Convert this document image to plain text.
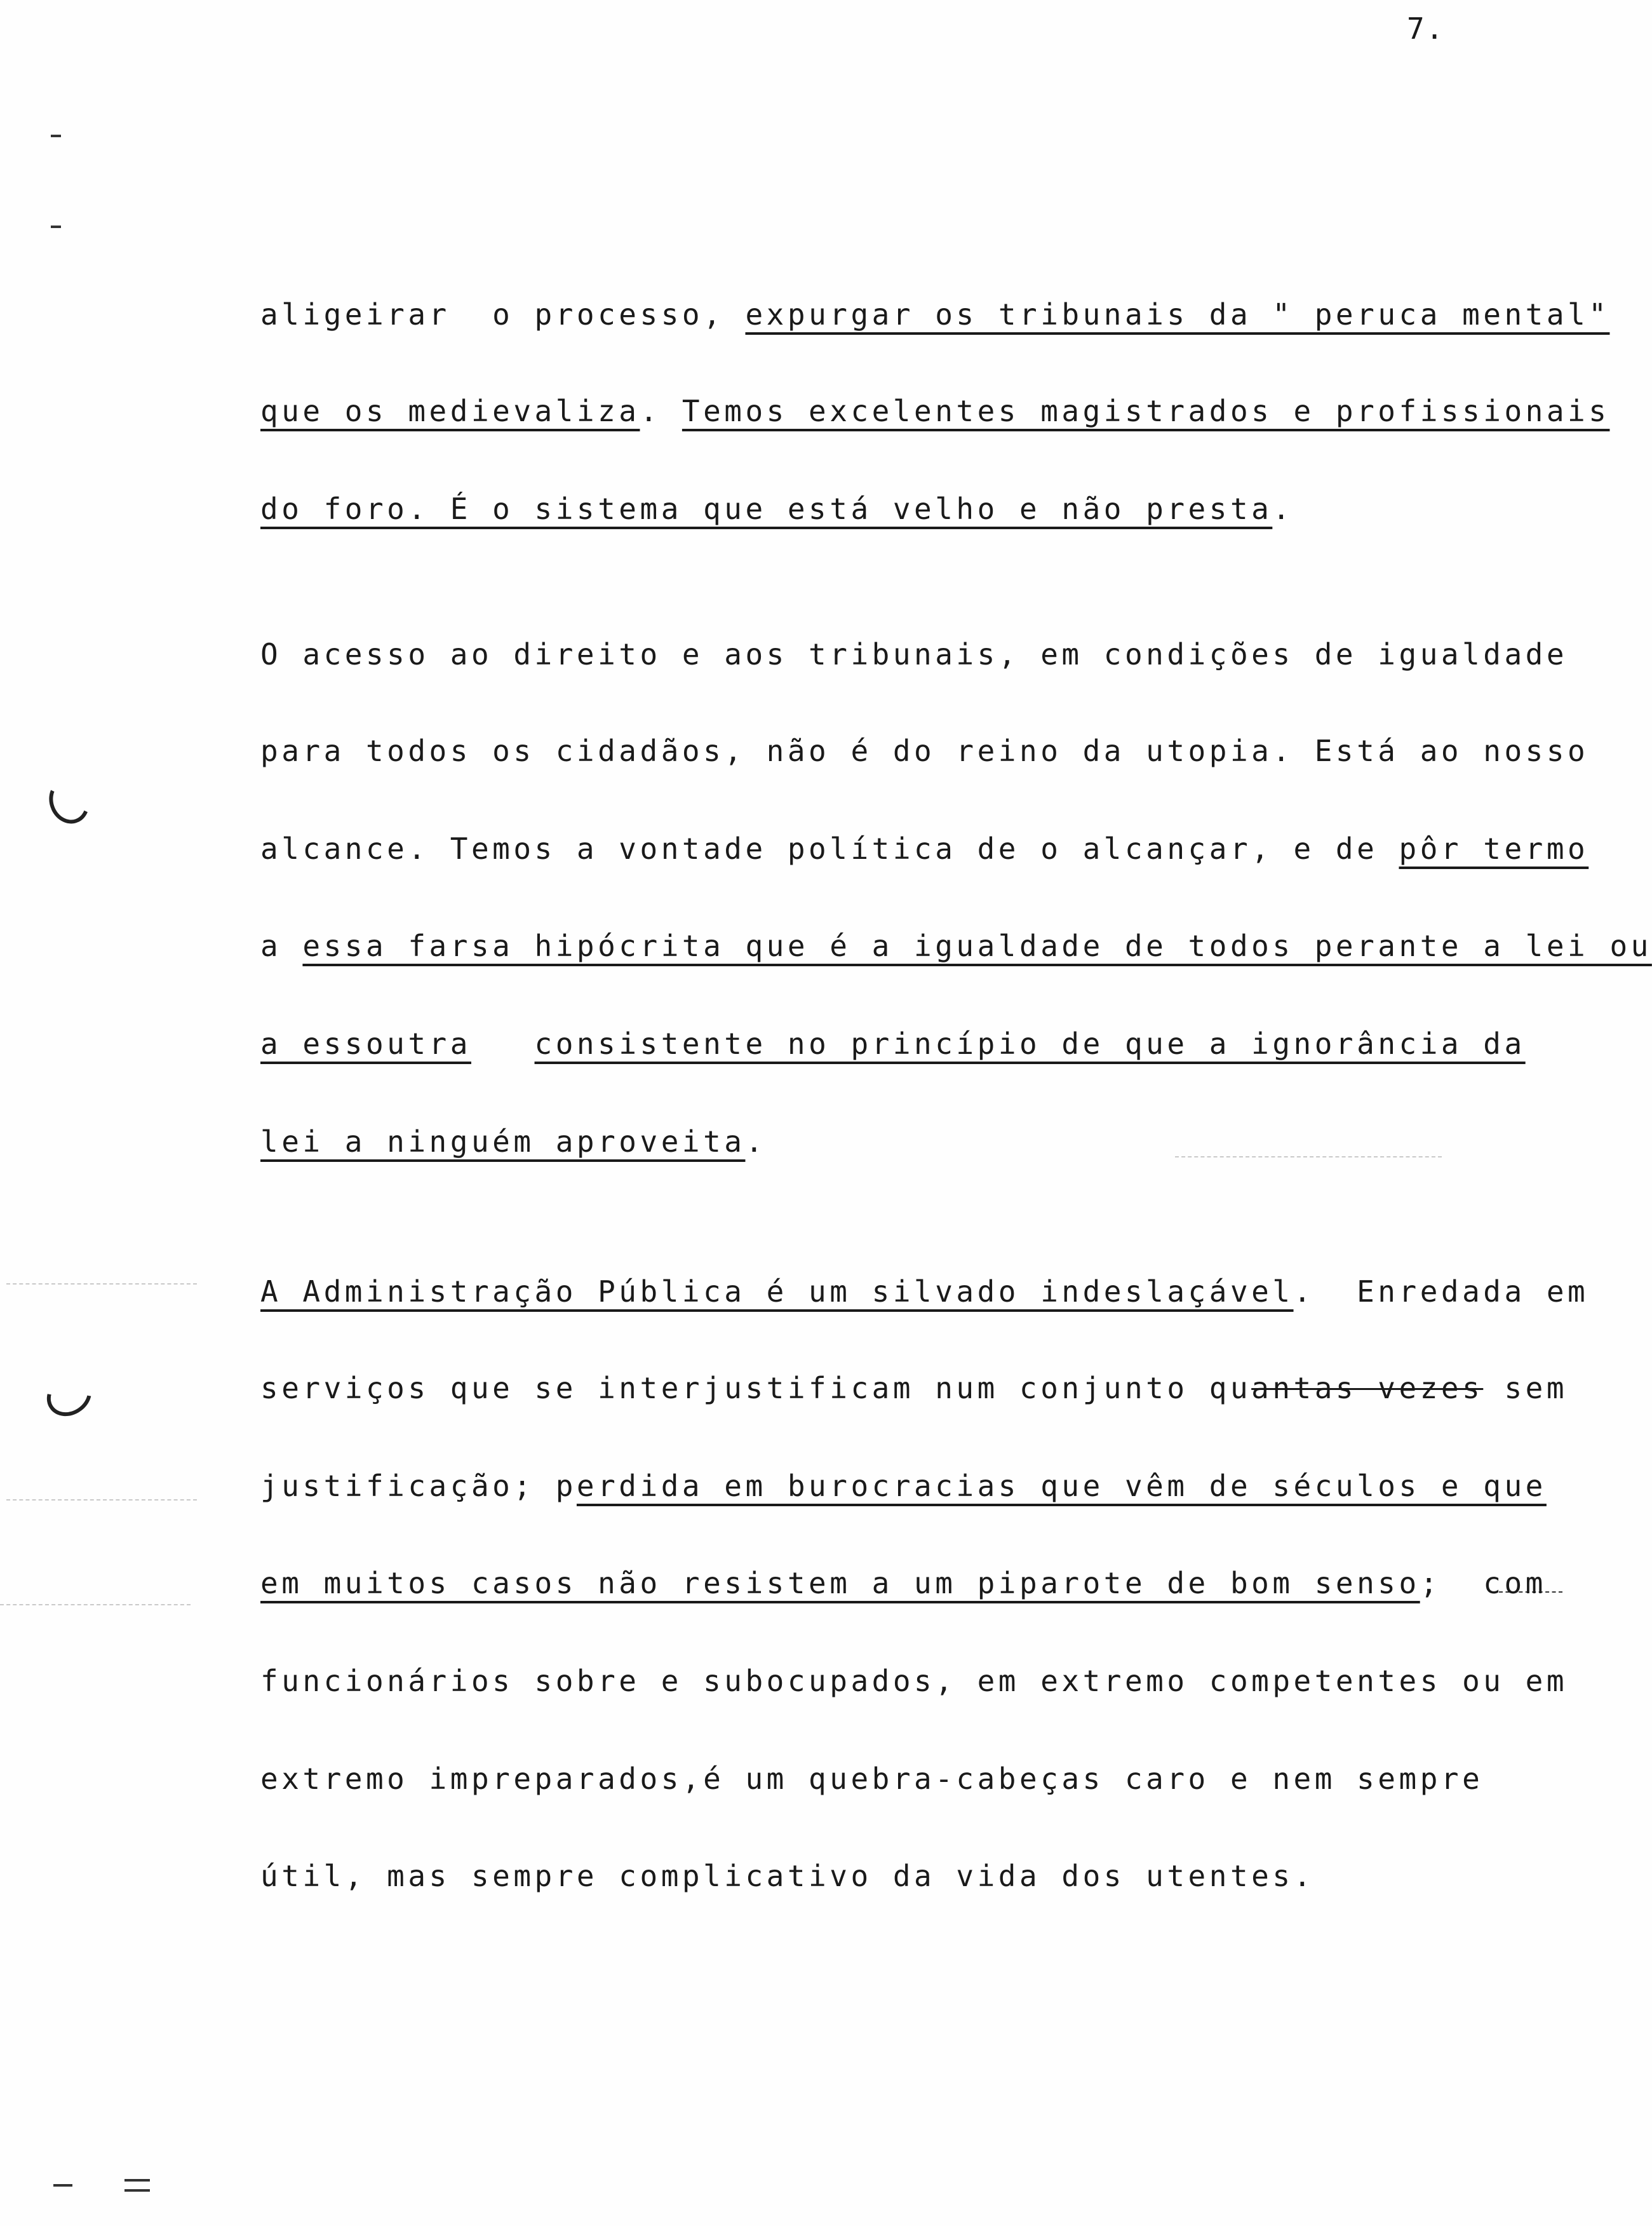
7.
aligeirar  o processo, expurgar os tribunais da " peruca mental"
que os medievaliza. Temos excelentes magistrados e profissionais
do foro. É o sistema que está velho e não presta.
O acesso ao direito e aos tribunais, em condições de igualdade
para todos os cidadãos, não é do reino da utopia. Está ao nosso
alcance. Temos a vontade política de o alcançar, e de pôr termo
a essa farsa hipócrita que é a igualdade de todos perante a lei ou
a essoutra consistente no princípio de que a ignorância da
lei a ninguém aproveita.
A Administração Pública é um silvado indeslaçável.  Enredada em
serviços que se interjustificam num conjunto quantas vezes sem
justificação; perdida em burocracias que vêm de séculos e que
em muitos casos não resistem a um piparote de bom senso;  com
funcionários sobre e subocupados, em extremo competentes ou em
extremo impreparados,é um quebra-cabeças caro e nem sempre
útil, mas sempre complicativo da vida dos utentes.
